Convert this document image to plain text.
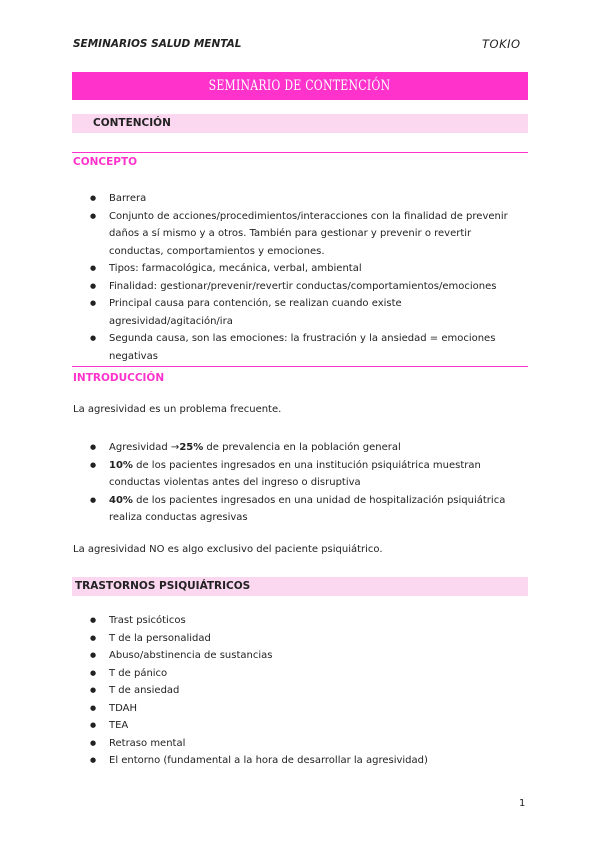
SEMINARIOS SALUD MENTAL	TOKIO
SEMINARIO DE CONTENCIÓN
CONTENCIÓN
CONCEPTO
● Barrera
● Conjunto de acciones/procedimientos/interacciones con la finalidad de prevenir daños a sí mismo y a otros. También para gestionar y prevenir o revertir conductas, comportamientos y emociones.
● Tipos: farmacológica, mecánica, verbal, ambiental
● Finalidad: gestionar/prevenir/revertir conductas/comportamientos/emociones
● Principal causa para contención, se realizan cuando existe agresividad/agitación/ira
● Segunda causa, son las emociones: la frustración y la ansiedad = emociones negativas
INTRODUCCIÓN
La agresividad es un problema frecuente.
● Agresividad →25% de prevalencia en la población general
● 10% de los pacientes ingresados en una institución psiquiátrica muestran conductas violentas antes del ingreso o disruptiva
● 40% de los pacientes ingresados en una unidad de hospitalización psiquiátrica realiza conductas agresivas
La agresividad NO es algo exclusivo del paciente psiquiátrico.
TRASTORNOS PSIQUIÁTRICOS
● Trast psicóticos
● T de la personalidad
● Abuso/abstinencia de sustancias
● T de pánico
● T de ansiedad
● TDAH
● TEA
● Retraso mental
● El entorno (fundamental a la hora de desarrollar la agresividad)
1
